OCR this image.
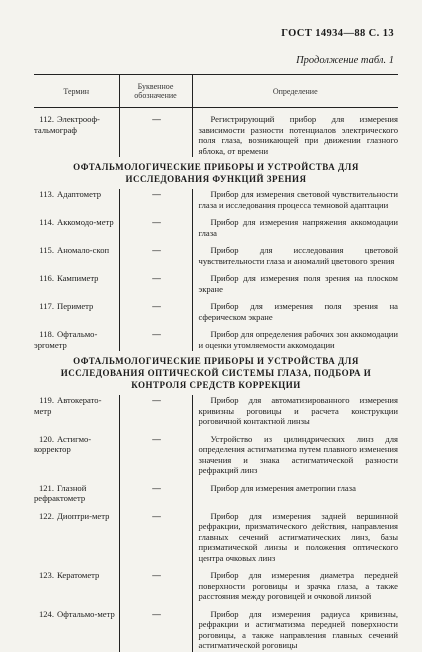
ГОСТ 14934—88 С. 13
Продолжение табл. 1
Термин	Буквенное обозначение	Определение

112. Электрооф-тальмограф	—	Регистрирующий прибор для измерения зависимости разности потенциалов электрического поля глаза, возникающей при движении глазного яблока, от времени
ОФТАЛЬМОЛОГИЧЕСКИЕ ПРИБОРЫ И УСТРОЙСТВА ДЛЯ ИССЛЕДОВАНИЯ ФУНКЦИЙ ЗРЕНИЯ		
113. Адаптометр	—	Прибор для измерения световой чувствительности глаза и исследования процесса темновой адаптации

114. Аккомодо-метр	—	Прибор для измерения напряжения аккомодации глаза

115. Аномало-скоп	—	Прибор для исследования цветовой чувствительности глаза и аномалий цветового зрения

116. Кампиметр	—	Прибор для измерения поля зрения на плоском экране

117. Периметр	—	Прибор для измерения поля зрения на сферическом экране

118. Офтальмо-эргометр	—	Прибор для определения рабочих зон аккомодации и оценки утомляемости аккомодации
ОФТАЛЬМОЛОГИЧЕСКИЕ ПРИБОРЫ И УСТРОЙСТВА ДЛЯ ИССЛЕДОВАНИЯ ОПТИЧЕСКОЙ СИСТЕМЫ ГЛАЗА, ПОДБОРА И КОНТРОЛЯ СРЕДСТВ КОРРЕКЦИИ		
119. Автокерато-метр	—	Прибор для автоматизированного измерения кривизны роговицы и расчета конструкции роговичной контактной линзы

120. Астигмо-корректор	—	Устройство из цилиндрических линз для определения астигматизма путем плавного изменения значения и знака астигматической разности рефракций линз

121. Глазной рефрактометр	—	Прибор для измерения аметропии глаза

122. Диоптри-метр	—	Прибор для измерения задней вершинной рефракции, призматического действия, направления главных сечений астигматических линз, базы призматической линзы и положения оптического центра очковых линз

123. Кератометр	—	Прибор для измерения диаметра передней поверхности роговицы и зрачка глаза, а также расстояния между роговицей и очковой линзой

124. Офтальмо-метр	—	Прибор для измерения радиуса кривизны, рефракции и астигматизма передней поверхности роговицы, а также направления главных сечений астигматической роговицы
